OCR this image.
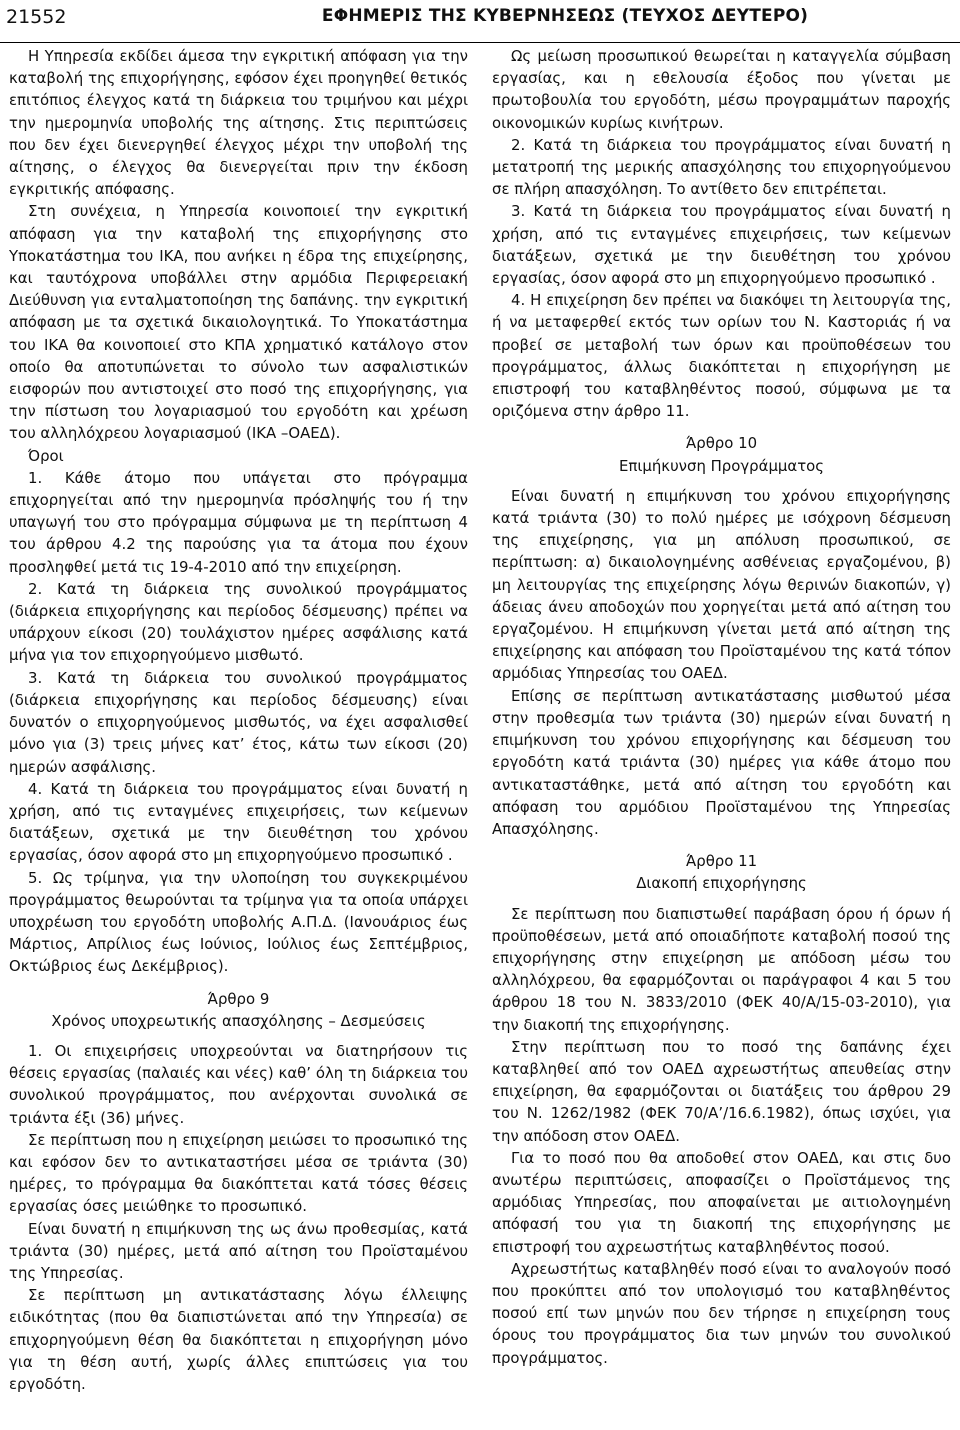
21552	ΕΦΗΜΕΡΙΣ ΤΗΣ ΚΥΒΕΡΝΗΣΕΩΣ (ΤΕΥΧΟΣ ΔΕΥΤΕΡΟ)

Η Υπηρεσία εκδίδει άμεσα την εγκριτική απόφαση για την καταβολή της επιχορήγησης, εφόσον έχει προηγηθεί θετικός επιτόπιος έλεγχος κατά τη διάρκεια του τριμήνου και μέχρι την ημερομηνία υποβολής της αίτησης. Στις περιπτώσεις που δεν έχει διενεργηθεί έλεγχος μέχρι την υποβολή της αίτησης, ο έλεγχος θα διενεργείται πριν την έκδοση εγκριτικής απόφασης.

Στη συνέχεια, η Υπηρεσία κοινοποιεί την εγκριτική απόφαση για την καταβολή της επιχορήγησης στο Υποκατάστημα του ΙΚΑ, που ανήκει η έδρα της επιχείρησης, και ταυτόχρονα υποβάλλει στην αρμόδια Περιφερειακή Διεύθυνση για ενταλματοποίηση της δαπάνης. την εγκριτική απόφαση με τα σχετικά δικαιολογητικά. Το Υποκατάστημα του ΙΚΑ θα κοινοποιεί στο ΚΠΑ χρηματικό κατάλογο στον οποίο θα αποτυπώνεται το σύνολο των ασφαλιστικών εισφορών που αντιστοιχεί στο ποσό της επιχορήγησης, για την πίστωση του λογαριασμού του εργοδότη και χρέωση του αλληλόχρεου λογαριασμού (ΙΚΑ –ΟΑΕΔ).

Όροι

1. Κάθε άτομο που υπάγεται στο πρόγραμμα επιχορηγείται από την ημερομηνία πρόσληψής του ή την υπαγωγή του στο πρόγραμμα σύμφωνα με τη περίπτωση 4 του άρθρου 4.2 της παρούσης για τα άτομα που έχουν προσληφθεί μετά τις 19-4-2010 από την επιχείρηση.

2. Κατά τη διάρκεια της συνολικού προγράμματος (διάρκεια επιχορήγησης και περίοδος δέσμευσης) πρέπει να υπάρχουν είκοσι (20) τουλάχιστον ημέρες ασφάλισης κατά μήνα για τον επιχορηγούμενο μισθωτό.

3. Κατά τη διάρκεια του συνολικού προγράμματος (διάρκεια επιχορήγησης και περίοδος δέσμευσης) είναι δυνατόν ο επιχορηγούμενος μισθωτός, να έχει ασφαλισθεί μόνο για (3) τρεις μήνες κατ’ έτος, κάτω των είκοσι (20) ημερών ασφάλισης.

4. Κατά τη διάρκεια του προγράμματος είναι δυνατή η χρήση, από τις ενταγμένες επιχειρήσεις, των κείμενων διατάξεων, σχετικά με την διευθέτηση του χρόνου εργασίας, όσον αφορά στο μη επιχορηγούμενο προσωπικό .

5. Ως τρίμηνα, για την υλοποίηση του συγκεκριμένου προγράμματος θεωρούνται τα τρίμηνα για τα οποία υπάρχει υποχρέωση του εργοδότη υποβολής Α.Π.Δ. (Ιανουάριος έως Μάρτιος, Απρίλιος έως Ιούνιος, Ιούλιος έως Σεπτέμβριος, Οκτώβριος έως Δεκέμβριος).

Άρθρο 9

Χρόνος υποχρεωτικής απασχόλησης – Δεσμεύσεις

1. Οι επιχειρήσεις υποχρεούνται να διατηρήσουν τις θέσεις εργασίας (παλαιές και νέες) καθ’ όλη τη διάρκεια του συνολικού προγράμματος, που ανέρχονται συνολικά σε τριάντα έξι (36) μήνες.

Σε περίπτωση που η επιχείρηση μειώσει το προσωπικό της και εφόσον δεν το αντικαταστήσει μέσα σε τριάντα (30) ημέρες, το πρόγραμμα θα διακόπτεται κατά τόσες θέσεις εργασίας όσες μειώθηκε το προσωπικό.

Είναι δυνατή η επιμήκυνση της ως άνω προθεσμίας, κατά τριάντα (30) ημέρες, μετά από αίτηση του Προϊσταμένου της Υπηρεσίας.

Σε περίπτωση μη αντικατάστασης λόγω έλλειψης ειδικότητας (που θα διαπιστώνεται από την Υπηρεσία) σε επιχορηγούμενη θέση θα διακόπτεται η επιχορήγηση μόνο για τη θέση αυτή, χωρίς άλλες επιπτώσεις για του εργοδότη.

Ως μείωση προσωπικού θεωρείται η καταγγελία σύμβαση εργασίας, και η εθελουσία έξοδος που γίνεται με πρωτοβουλία του εργοδότη, μέσω προγραμμάτων παροχής οικονομικών κυρίως κινήτρων.

2. Κατά τη διάρκεια του προγράμματος είναι δυνατή η μετατροπή της μερικής απασχόλησης του επιχορηγούμενου σε πλήρη απασχόληση. Το αντίθετο δεν επιτρέπεται.

3. Κατά τη διάρκεια του προγράμματος είναι δυνατή η χρήση, από τις ενταγμένες επιχειρήσεις, των κείμενων διατάξεων, σχετικά με την διευθέτηση του χρόνου εργασίας, όσον αφορά στο μη επιχορηγούμενο προσωπικό .

4. Η επιχείρηση δεν πρέπει να διακόψει τη λειτουργία της, ή να μεταφερθεί εκτός των ορίων του Ν. Καστοριάς ή να προβεί σε μεταβολή των όρων και προϋποθέσεων του προγράμματος, άλλως διακόπτεται η επιχορήγηση με επιστροφή του καταβληθέντος ποσού, σύμφωνα με τα οριζόμενα στην άρθρο 11.

Άρθρο 10

Επιμήκυνση Προγράμματος

Είναι δυνατή η επιμήκυνση του χρόνου επιχορήγησης κατά τριάντα (30) το πολύ ημέρες με ισόχρονη δέσμευση της επιχείρησης, για μη απόλυση προσωπικού, σε περίπτωση: α) δικαιολογημένης ασθένειας εργαζομένου, β) μη λειτουργίας της επιχείρησης λόγω θερινών διακοπών, γ) άδειας άνευ αποδοχών που χορηγείται μετά από αίτηση του εργαζομένου. Η επιμήκυνση γίνεται μετά από αίτηση της επιχείρησης και απόφαση του Προϊσταμένου της κατά τόπον αρμόδιας Υπηρεσίας του ΟΑΕΔ.

Επίσης σε περίπτωση αντικατάστασης μισθωτού μέσα στην προθεσμία των τριάντα (30) ημερών είναι δυνατή η επιμήκυνση του χρόνου επιχορήγησης και δέσμευση του εργοδότη κατά τριάντα (30) ημέρες για κάθε άτομο που αντικαταστάθηκε, μετά από αίτηση του εργοδότη και απόφαση του αρμόδιου Προϊσταμένου της Υπηρεσίας Απασχόλησης.

Άρθρο 11

Διακοπή επιχορήγησης

Σε περίπτωση που διαπιστωθεί παράβαση όρου ή όρων ή προϋποθέσεων, μετά από οποιαδήποτε καταβολή ποσού της επιχορήγησης στην επιχείρηση με απόδοση μέσω του αλληλόχρεου, θα εφαρμόζονται οι παράγραφοι 4 και 5 του άρθρου 18 του Ν. 3833/2010 (ΦΕΚ 40/Α/15-03-2010), για την διακοπή της επιχορήγησης.

Στην περίπτωση που το ποσό της δαπάνης έχει καταβληθεί από τον ΟΑΕΔ αχρεωστήτως απευθείας στην επιχείρηση, θα εφαρμόζονται οι διατάξεις του άρθρου 29 του Ν. 1262/1982 (ΦΕΚ 70/Α’/16.6.1982), όπως ισχύει, για την απόδοση στον ΟΑΕΔ.

Για το ποσό που θα αποδοθεί στον ΟΑΕΔ, και στις δυο ανωτέρω περιπτώσεις, αποφασίζει ο Προϊστάμενος της αρμόδιας Υπηρεσίας, που αποφαίνεται με αιτιολογημένη απόφασή του για τη διακοπή της επιχορήγησης με επιστροφή του αχρεωστήτως καταβληθέντος ποσού.

Αχρεωστήτως καταβληθέν ποσό είναι το αναλογούν ποσό που προκύπτει από τον υπολογισμό του καταβληθέντος ποσού επί των μηνών που δεν τήρησε η επιχείρηση τους όρους του προγράμματος δια των μηνών του συνολικού προγράμματος.
